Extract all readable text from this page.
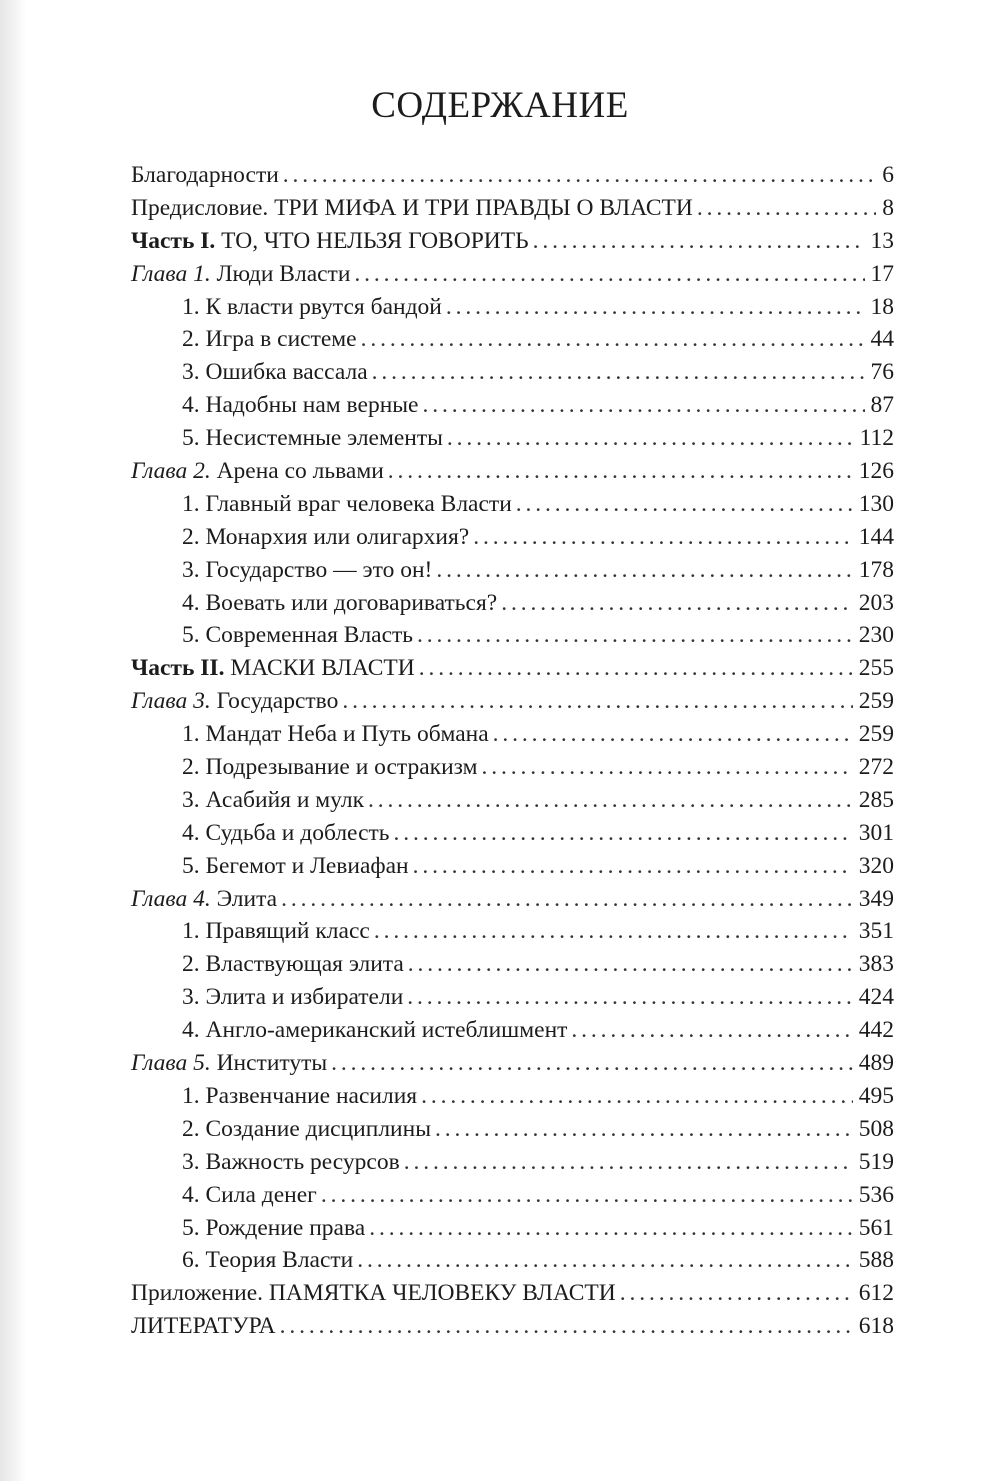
СОДЕРЖАНИЕ
Благодарности . . .	6
Предисловие. ТРИ МИФА И ТРИ ПРАВДЫ О ВЛАСТИ . . .	8
Часть I. ТО, ЧТО НЕЛЬЗЯ ГОВОРИТЬ . . .	13
Глава 1. Люди Власти . . .	17
1. К власти рвутся бандой . . .	18
2. Игра в системе . . .	44
3. Ошибка вассала . . .	76
4. Надобны нам верные . . .	87
5. Несистемные элементы . . .	112
Глава 2. Арена со львами . . .	126
1. Главный враг человека Власти . . .	130
2. Монархия или олигархия? . . .	144
3. Государство — это он! . . .	178
4. Воевать или договариваться? . . .	203
5. Современная Власть . . .	230
Часть II. МАСКИ ВЛАСТИ . . .	255
Глава 3. Государство . . .	259
1. Мандат Неба и Путь обмана . . .	259
2. Подрезывание и остракизм . . .	272
3. Асабийя и мулк . . .	285
4. Судьба и доблесть . . .	301
5. Бегемот и Левиафан . . .	320
Глава 4. Элита . . .	349
1. Правящий класс . . .	351
2. Властвующая элита . . .	383
3. Элита и избиратели . . .	424
4. Англо-американский истеблишмент . . .	442
Глава 5. Институты . . .	489
1. Развенчание насилия . . .	495
2. Создание дисциплины . . .	508
3. Важность ресурсов . . .	519
4. Сила денег . . .	536
5. Рождение права . . .	561
6. Теория Власти . . .	588
Приложение. ПАМЯТКА ЧЕЛОВЕКУ ВЛАСТИ . . .	612
ЛИТЕРАТУРА . . .	618
